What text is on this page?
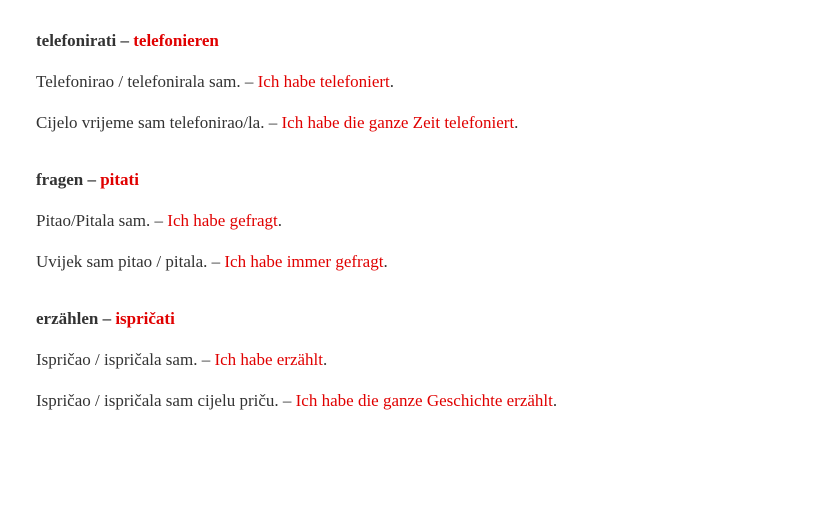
telefonirati – telefonieren

Telefonirao / telefonirala sam. – Ich habe telefoniert.

Cijelo vrijeme sam telefonirao/la. – Ich habe die ganze Zeit telefoniert.

fragen – pitati

Pitao/Pitala sam. – Ich habe gefragt.

Uvijek sam pitao / pitala. – Ich habe immer gefragt.

erzählen – ispričati

Ispričao / ispričala sam. – Ich habe erzählt.

Ispričao / ispričala sam cijelu priču. – Ich habe die ganze Geschichte erzählt.
